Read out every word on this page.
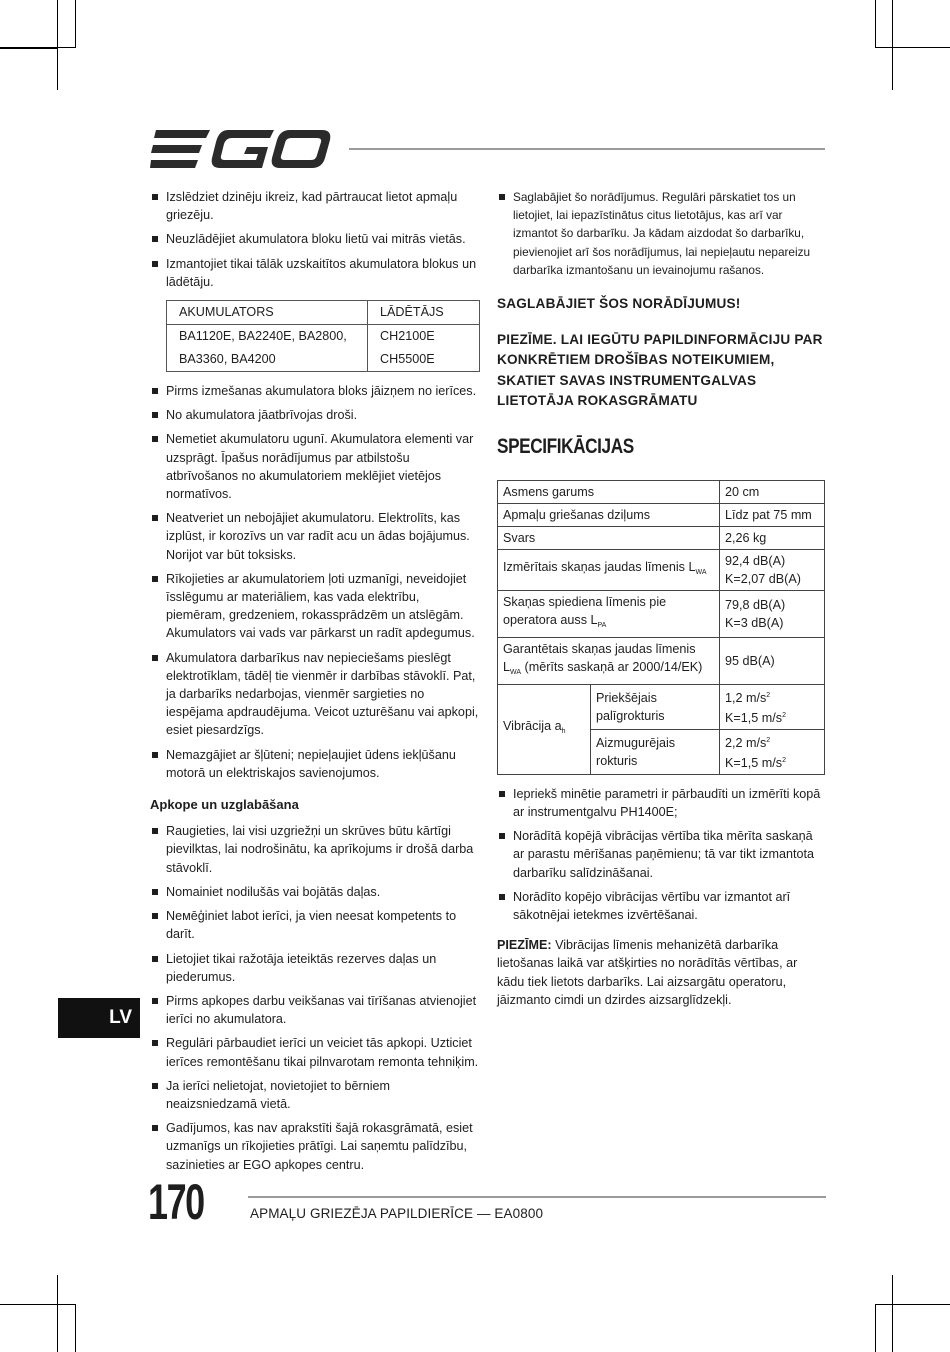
Izslēdziet dzinēju ikreiz, kad pārtraucat lietot apmaļu griezēju.
Neuzlādējiet akumulatora bloku lietū vai mitrās vietās.
Izmantojiet tikai tālāk uzskaitītos akumulatora blokus un lādētāju.
AKUMULATORS	LĀDĒTĀJS
BA1120E, BA2240E, BA2800,	CH2100E
BA3360, BA4200	CH5500E
Pirms izmešanas akumulatora bloks jāizņem no ierīces.
No akumulatora jāatbrīvojas droši.
Nemetiet akumulatoru ugunī. Akumulatora elementi var uzsprāgt. Īpašus norādījumus par atbilstošu atbrīvošanos no akumulatoriem meklējiet vietējos normatīvos.
Neatveriet un nebojājiet akumulatoru. Elektrolīts, kas izplūst, ir korozīvs un var radīt acu un ādas bojājumus. Norijot var būt toksisks.
Rīkojieties ar akumulatoriem ļoti uzmanīgi, neveidojiet īsslēgumu ar materiāliem, kas vada elektrību, piemēram, gredzeniem, rokassprādzēm un atslēgām. Akumulators vai vads var pārkarst un radīt apdegumus.
Akumulatora darbarīkus nav nepieciešams pieslēgt elektrotīklam, tādēļ tie vienmēr ir darbības stāvoklī. Pat, ja darbarīks nedarbojas, vienmēr sargieties no iespējama apdraudējuma. Veicot uzturēšanu vai apkopi, esiet piesardzīgs.
Nemazgājiet ar šļūteni; nepieļaujiet ūdens iekļūšanu motorā un elektriskajos savienojumos.
Apkope un uzglabāšana
Raugieties, lai visi uzgriežņi un skrūves būtu kārtīgi pievilktas, lai nodrošinātu, ka aprīkojums ir drošā darba stāvoklī.
Nomainiet nodilušās vai bojātās daļas.
Neмēģiniet labot ierīci, ja vien neesat kompetents to darīt.
Lietojiet tikai ražotāja ieteiktās rezerves daļas un piederumus.
Pirms apkopes darbu veikšanas vai tīrīšanas atvienojiet ierīci no akumulatora.
Regulāri pārbaudiet ierīci un veiciet tās apkopi. Uzticiet ierīces remontēšanu tikai pilnvarotam remonta tehniķim.
Ja ierīci nelietojat, novietojiet to bērniem neaizsniedzamā vietā.
Gadījumos, kas nav aprakstīti šajā rokasgrāmatā, esiet uzmanīgs un rīkojieties prātīgi. Lai saņemtu palīdzību, sazinieties ar EGO apkopes centru.
Saglabājiet šo norādījumus. Regulāri pārskatiet tos un lietojiet, lai iepazīstinātus citus lietotājus, kas arī var izmantot šo darbarīku. Ja kādam aizdodat šo darbarīku, pievienojiet arī šos norādījumus, lai nepieļautu nepareizu darbarīka izmantošanu un ievainojumu rašanos.
SAGLABĀJIET ŠOS NORĀDĪJUMUS!
PIEZĪME. LAI IEGŪTU PAPILDINFORMĀCIJU PAR KONKRĒTIEM DROŠĪBAS NOTEIKUMIEM, SKATIET SAVAS INSTRUMENTGALVAS LIETOTĀJA ROKASGRĀMATU
SPECIFIKĀCIJAS
Asmens garums		20 cm
Apmaļu griešanas dziļums		Līdz pat 75 mm
Svars		2,26 kg
Izmērītais skaņas jaudas līmenis $L_{WA}$		92,4 dB(A)
K=2,07 dB(A)
Skaņas spiediena līmenis pie operatora auss $L_{PA}$		79,8 dB(A)
K=3 dB(A)
Garantētais skaņas jaudas līmenis
$L_{WA}$ (mērīts saskaņā ar 2000/14/EK)		95 dB(A)
Vibrācija $a_h$	Priekšējais palīgrokturis	1,2 $m/s^2$
K=1,5 $m/s^2$
	Aizmugurējais rokturis	2,2 $m/s^2$
K=1,5 $m/s^2$
Iepriekš minētie parametri ir pārbaudīti un izmērīti kopā ar instrumentgalvu PH1400E;
Norādītā kopējā vibrācijas vērtība tika mērīta saskaņā ar parastu mērīšanas paņēmienu; tā var tikt izmantota darbarīku salīdzināšanai.
Norādīto kopējo vibrācijas vērtību var izmantot arī sākotnējai ietekmes izvērtēšanai.
PIEZĪME: Vibrācijas līmenis mehanizētā darbarīka lietošanas laikā var atšķirties no norādītās vērtības, ar kādu tiek lietots darbarīks. Lai aizsargātu operatoru, jāizmanto cimdi un dzirdes aizsarglīdzekļi.
LV
170	APMAĻU GRIEZĒJA PAPILDIERĪCE — EA0800
